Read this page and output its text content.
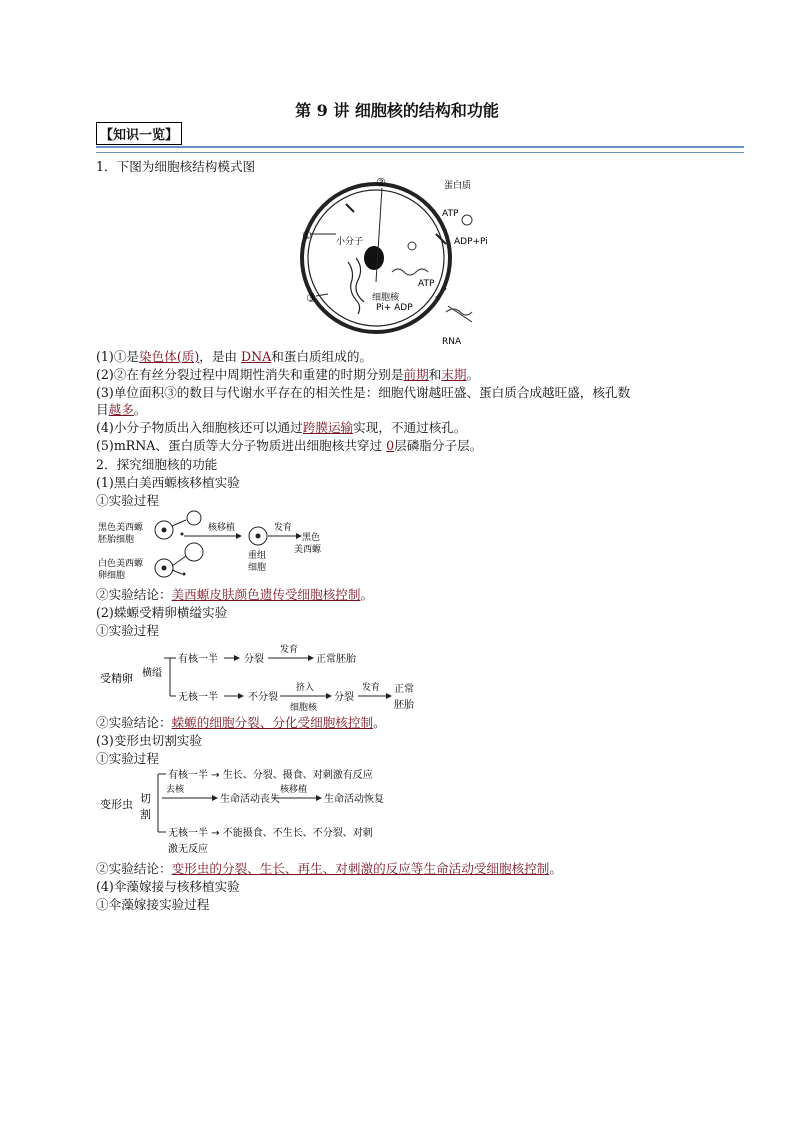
第 9 讲 细胞核的结构和功能
【知识一览】
1．下图为细胞核结构模式图
①
②
③
蛋白质
ATP
ADP+Pi
小分子
ATP
细胞核
Pi+ ADP
RNA
(1)①是染色体(质)，是由 DNA和蛋白质组成的。
(2)②在有丝分裂过程中周期性消失和重建的时期分别是前期和末期。
(3)单位面积③的数目与代谢水平存在的相关性是：细胞代谢越旺盛、蛋白质合成越旺盛，核孔数
目越多。
(4)小分子物质出入细胞核还可以通过跨膜运输实现，不通过核孔。
(5)mRNA、蛋白质等大分子物质进出细胞核共穿过 0层磷脂分子层。
2．探究细胞核的功能
(1)黑白美西螈核移植实验
①实验过程
黑色美西螈
胚胎细胞
白色美西螈
卵细胞
核移植	发育
黑色
美西螈
重组
细胞
②实验结论：美西螈皮肤颜色遗传受细胞核控制。
(2)蝾螈受精卵横缢实验
①实验过程
受精卵 横缢
有核一半	分裂
发育
正常胚胎
无核一半	不分裂
挤入
细胞核
分裂
发育 正常
胚胎
②实验结论：蝾螈的细胞分裂、分化受细胞核控制。
(3)变形虫切割实验
①实验过程
变形虫 切
割
有核一半 → 生长、分裂、摄食、对刺激有反应
去核
生命活动丧失
核移植
生命活动恢复
无核一半 → 不能摄食、不生长、不分裂、对刺
激无反应
②实验结论：变形虫的分裂、生长、再生、对刺激的反应等生命活动受细胞核控制。
(4)伞藻嫁接与核移植实验
①伞藻嫁接实验过程
